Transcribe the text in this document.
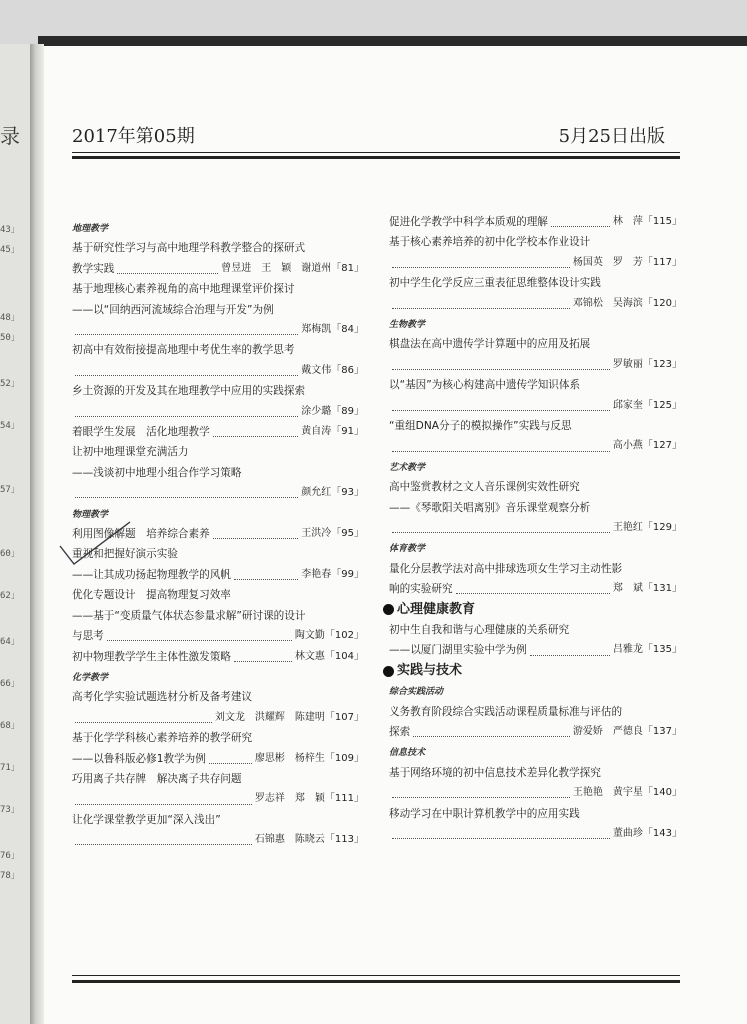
录
43」
45」
48」
50」
52」
54」
57」
60」
62」
64」
66」
68」
71」
73」
76」
78」
2017年第05期	5月25日出版
地理教学
基于研究性学习与高中地理学科教学整合的探研式
教学实践	曾昱进　王　颖　谢道州「81」
基于地理核心素养视角的高中地理课堂评价探讨
——以“回纳西河流域综合治理与开发”为例
郑梅凯「84」
初高中有效衔接提高地理中考优生率的教学思考
戴文伟「86」
乡土资源的开发及其在地理教学中应用的实践探索
涂少璐「89」
着眼学生发展　活化地理教学	黄自涛「91」
让初中地理课堂充满活力
——浅谈初中地理小组合作学习策略
颜允红「93」
物理教学
利用图像解题　培养综合素养	王洪冷「95」
重视和把握好演示实验
——让其成功扬起物理教学的风帆	李艳春「99」
优化专题设计　提高物理复习效率
——基于“变质量气体状态参量求解”研讨课的设计
与思考	陶文勤「102」
初中物理教学学生主体性激发策略	林文惠「104」
化学教学
高考化学实验试题选材分析及备考建议
刘文龙　洪耀辉　陈建明「107」
基于化学学科核心素养培养的教学研究
——以鲁科版必修1教学为例	廖思彬　杨梓生「109」
巧用离子共存牌　解决离子共存问题
罗志祥　郑　颖「111」
让化学课堂教学更加“深入浅出”
石锦惠　陈晓云「113」
促进化学教学中科学本质观的理解	林　萍「115」
基于核心素养培养的初中化学校本作业设计
杨国英　罗　芳「117」
初中学生化学反应三重表征思维整体设计实践
邓锦松　吴海滨「120」
生物教学
棋盘法在高中遗传学计算题中的应用及拓展
罗敏丽「123」
以“基因”为核心构建高中遗传学知识体系
邱家奎「125」
“重组DNA分子的模拟操作”实践与反思
高小燕「127」
艺术教学
高中鉴赏教材之文人音乐课例实效性研究
——《琴歌阳关唱离别》音乐课堂观察分析
王艳红「129」
体育教学
量化分层教学法对高中排球选项女生学习主动性影
响的实验研究	郑　斌「131」
心理健康教育
初中生自我和谐与心理健康的关系研究
——以厦门湖里实验中学为例	吕雅龙「135」
实践与技术
综合实践活动
义务教育阶段综合实践活动课程质量标准与评估的
探索	游爱娇　严德良「137」
信息技术
基于网络环境的初中信息技术差异化教学探究
王艳艳　黄宇星「140」
移动学习在中职计算机教学中的应用实践
董曲珍「143」
